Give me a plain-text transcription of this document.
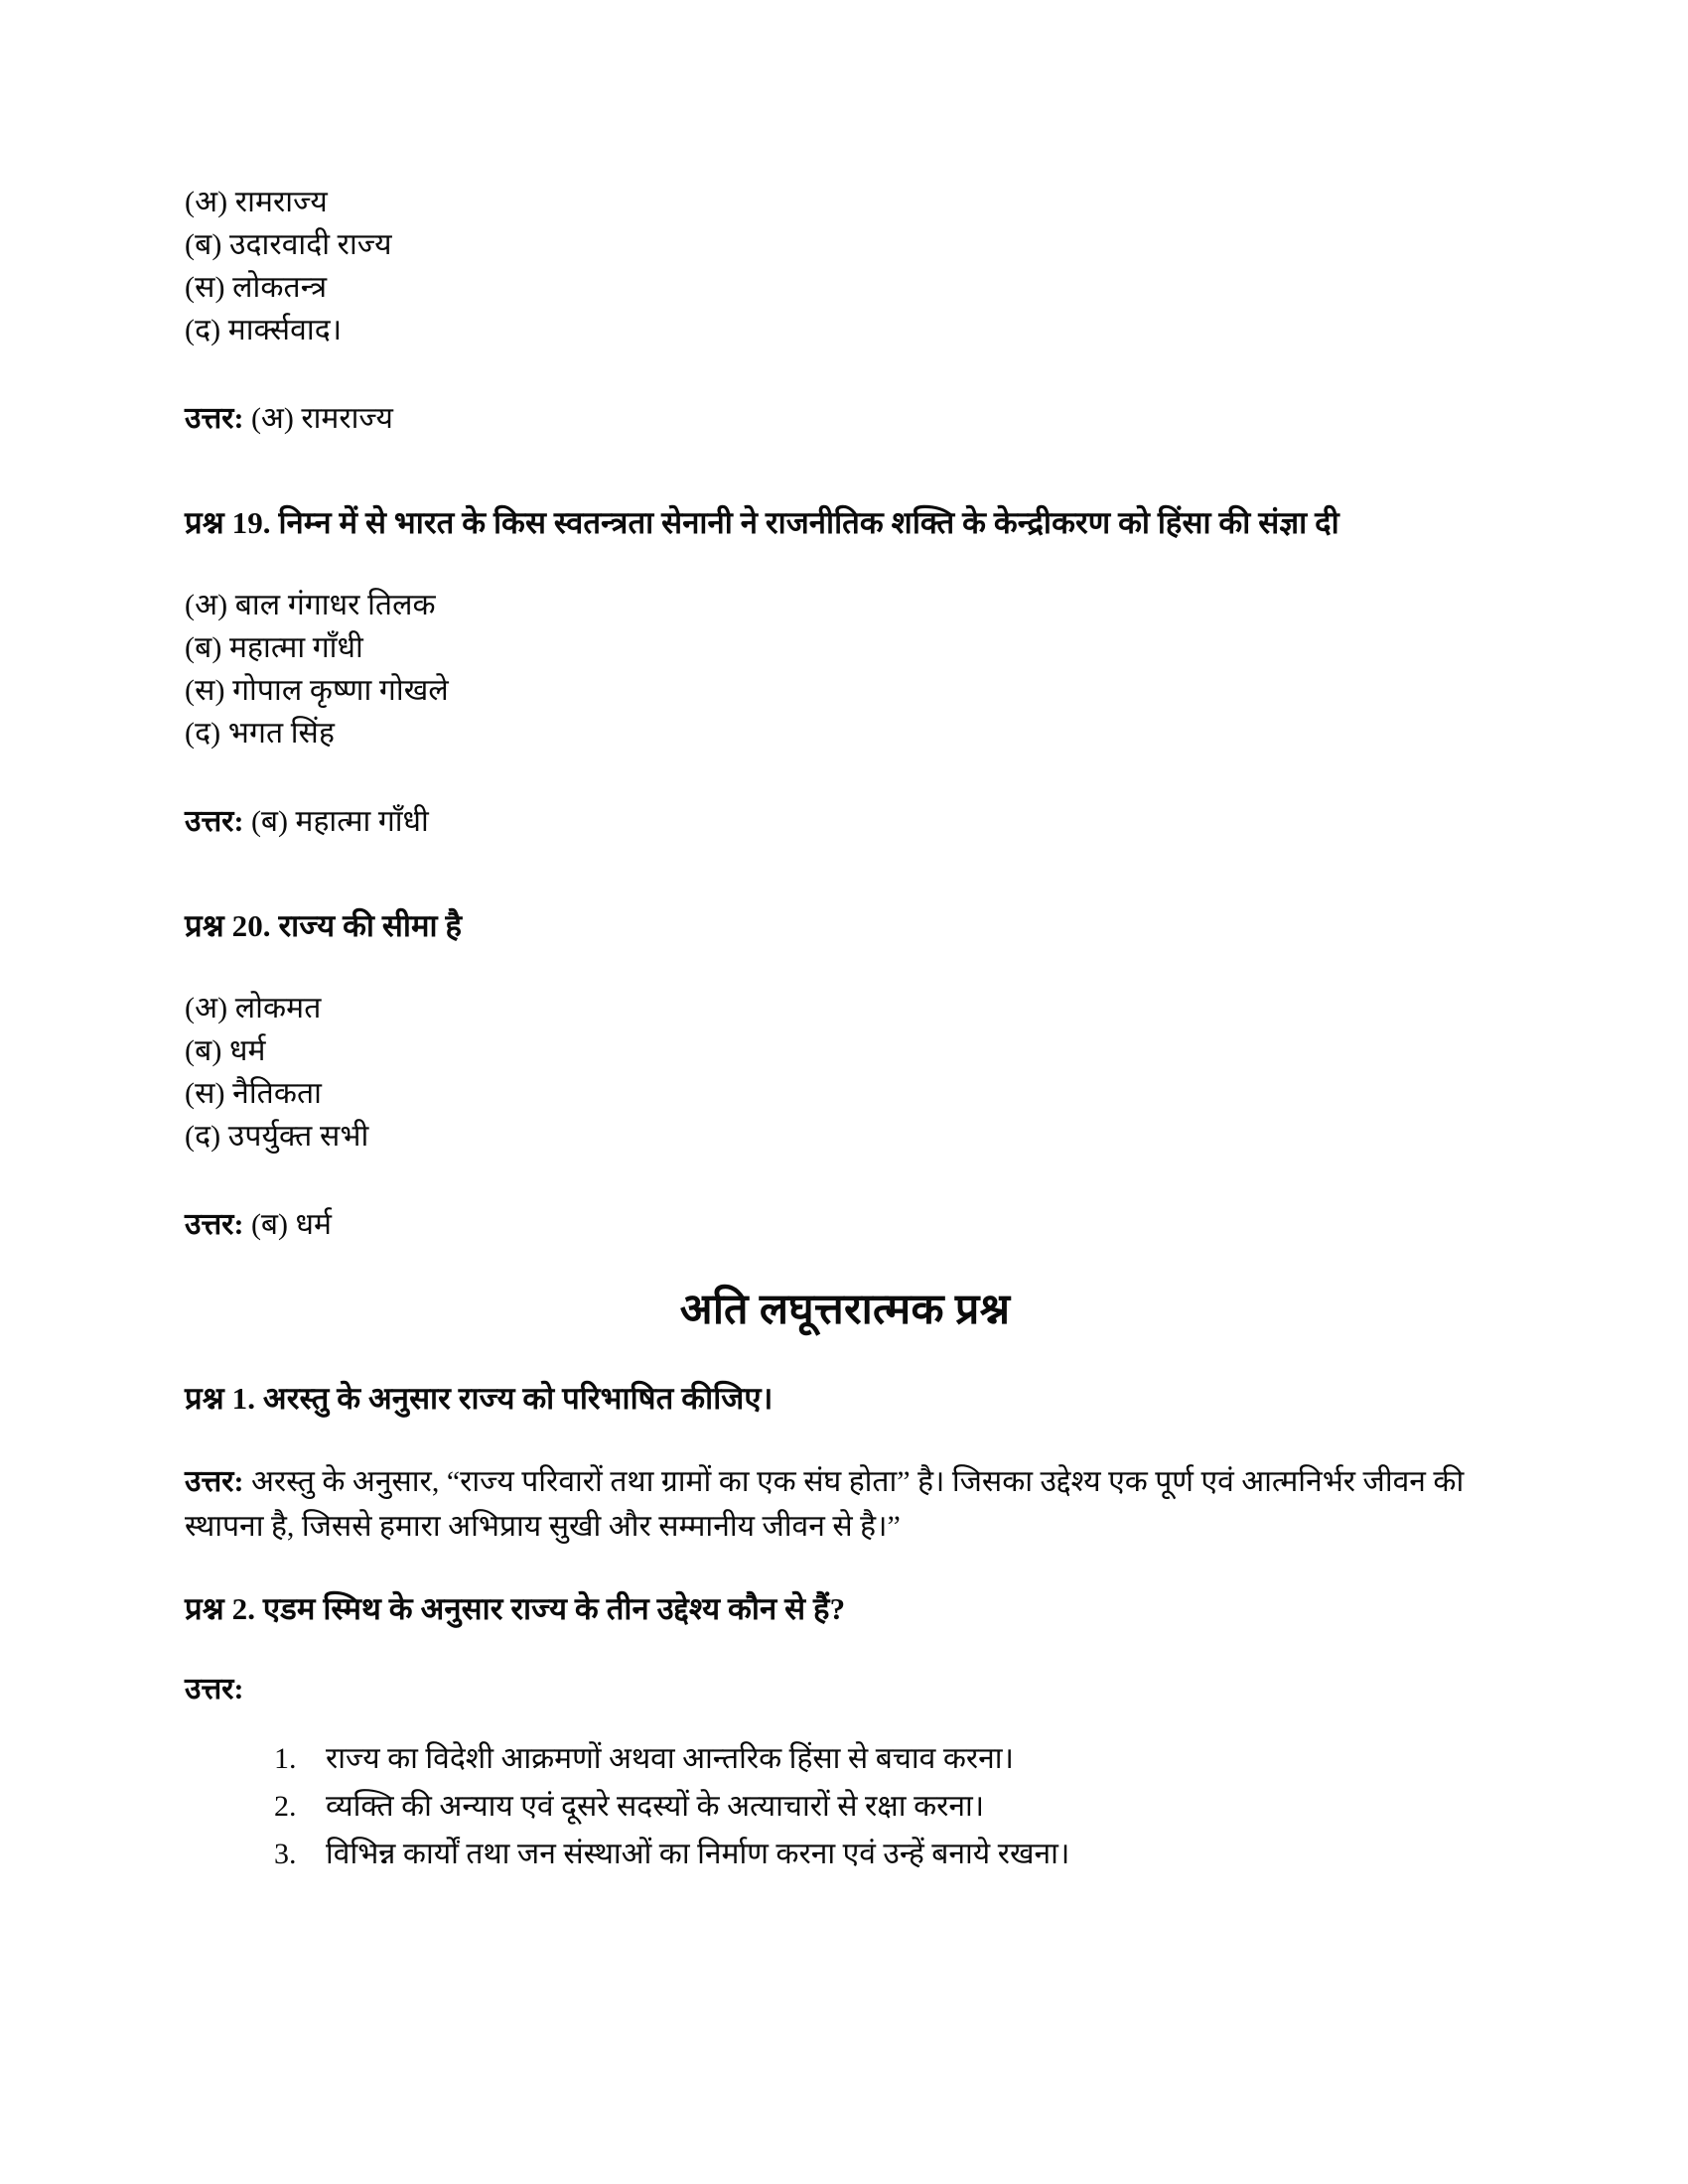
(अ) रामराज्य
(ब) उदारवादी राज्य
(स) लोकतन्त्र
(द) मार्क्सवाद।
उत्तर: (अ) रामराज्य
प्रश्न 19. निम्न में से भारत के किस स्वतन्त्रता सेनानी ने राजनीतिक शक्ति के केन्द्रीकरण को हिंसा की संज्ञा दी
(अ) बाल गंगाधर तिलक
(ब) महात्मा गाँधी
(स) गोपाल कृष्णा गोखले
(द) भगत सिंह
उत्तर: (ब) महात्मा गाँधी
प्रश्न 20. राज्य की सीमा है
(अ) लोकमत
(ब) धर्म
(स) नैतिकता
(द) उपर्युक्त सभी
उत्तर: (ब) धर्म
अति लघूत्तरात्मक प्रश्न
प्रश्न 1. अरस्तु के अनुसार राज्य को परिभाषित कीजिए।
उत्तर: अरस्तु के अनुसार, “राज्य परिवारों तथा ग्रामों का एक संघ होता” है। जिसका उद्देश्य एक पूर्ण एवं आत्मनिर्भर जीवन की स्थापना है, जिससे हमारा अभिप्राय सुखी और सम्मानीय जीवन से है।”
प्रश्न 2. एडम स्मिथ के अनुसार राज्य के तीन उद्देश्य कौन से हैं?
उत्तर:
राज्य का विदेशी आक्रमणों अथवा आन्तरिक हिंसा से बचाव करना।
व्यक्ति की अन्याय एवं दूसरे सदस्यों के अत्याचारों से रक्षा करना।
विभिन्न कार्यों तथा जन संस्थाओं का निर्माण करना एवं उन्हें बनाये रखना।
